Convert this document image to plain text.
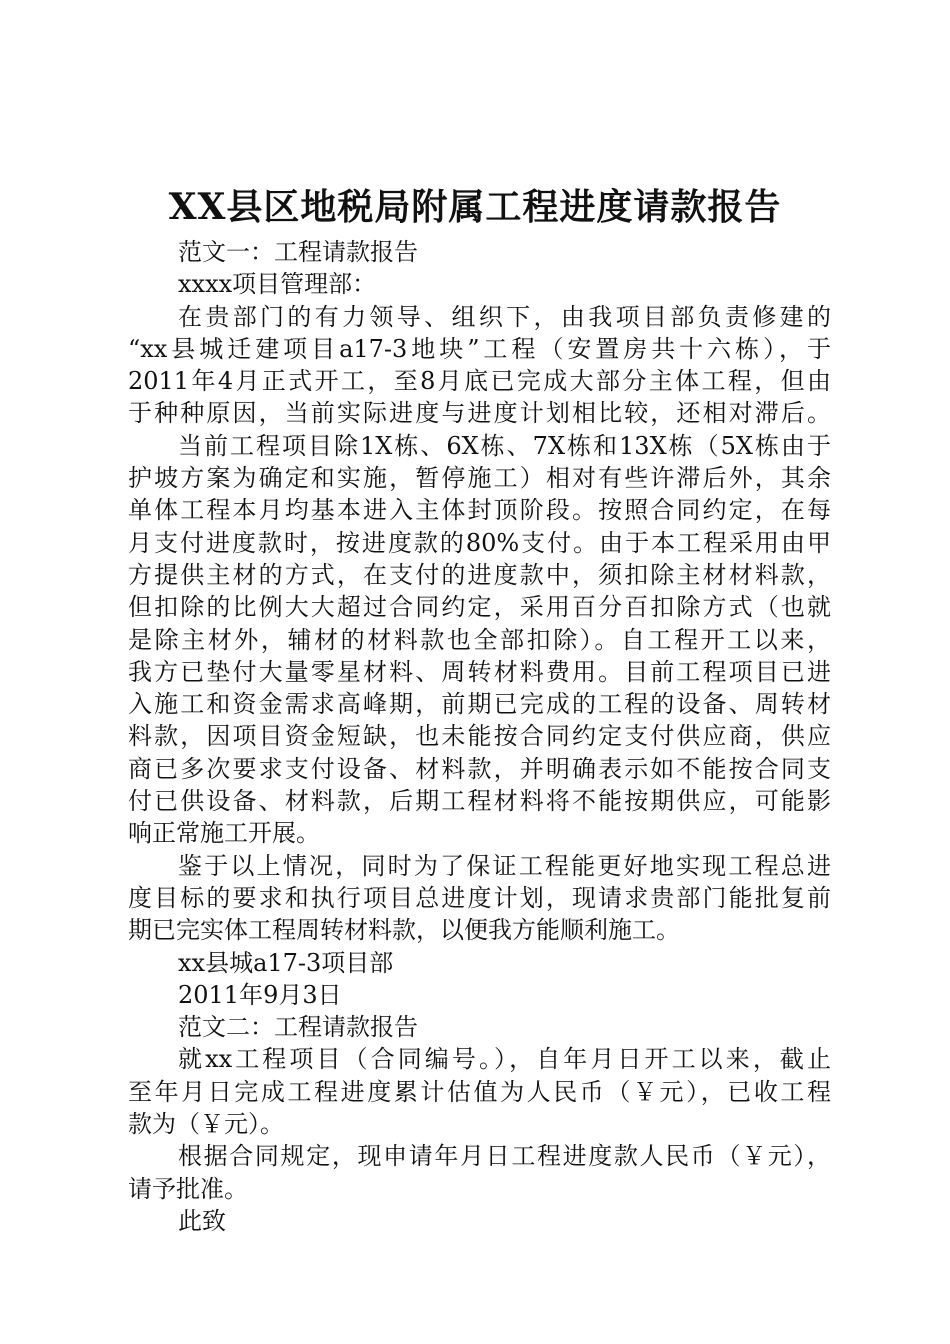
XX县区地税局附属工程进度请款报告

范文一：工程请款报告

xxxx项目管理部：

在贵部门的有力领导、组织下，由我项目部负责修建的

“xx县城迁建项目a17-3地块”工程（安置房共十六栋），于

2011年4月正式开工，至8月底已完成大部分主体工程，但由

于种种原因，当前实际进度与进度计划相比较，还相对滞后。

当前工程项目除1X栋、6X栋、7X栋和13X栋（5X栋由于

护坡方案为确定和实施，暂停施工）相对有些许滞后外，其余

单体工程本月均基本进入主体封顶阶段。按照合同约定，在每

月支付进度款时，按进度款的80%支付。由于本工程采用由甲

方提供主材的方式，在支付的进度款中，须扣除主材材料款，

但扣除的比例大大超过合同约定，采用百分百扣除方式（也就

是除主材外，辅材的材料款也全部扣除）。自工程开工以来，

我方已垫付大量零星材料、周转材料费用。目前工程项目已进

入施工和资金需求高峰期，前期已完成的工程的设备、周转材

料款，因项目资金短缺，也未能按合同约定支付供应商，供应

商已多次要求支付设备、材料款，并明确表示如不能按合同支

付已供设备、材料款，后期工程材料将不能按期供应，可能影

响正常施工开展。

鉴于以上情况，同时为了保证工程能更好地实现工程总进

度目标的要求和执行项目总进度计划，现请求贵部门能批复前

期已完实体工程周转材料款，以便我方能顺利施工。

xx县城a17-3项目部

2011年9月3日

范文二：工程请款报告

就xx工程项目（合同编号。），自年月日开工以来，截止

至年月日完成工程进度累计估值为人民币（￥元），已收工程

款为（￥元）。

根据合同规定，现申请年月日工程进度款人民币（￥元），

请予批准。

此致
